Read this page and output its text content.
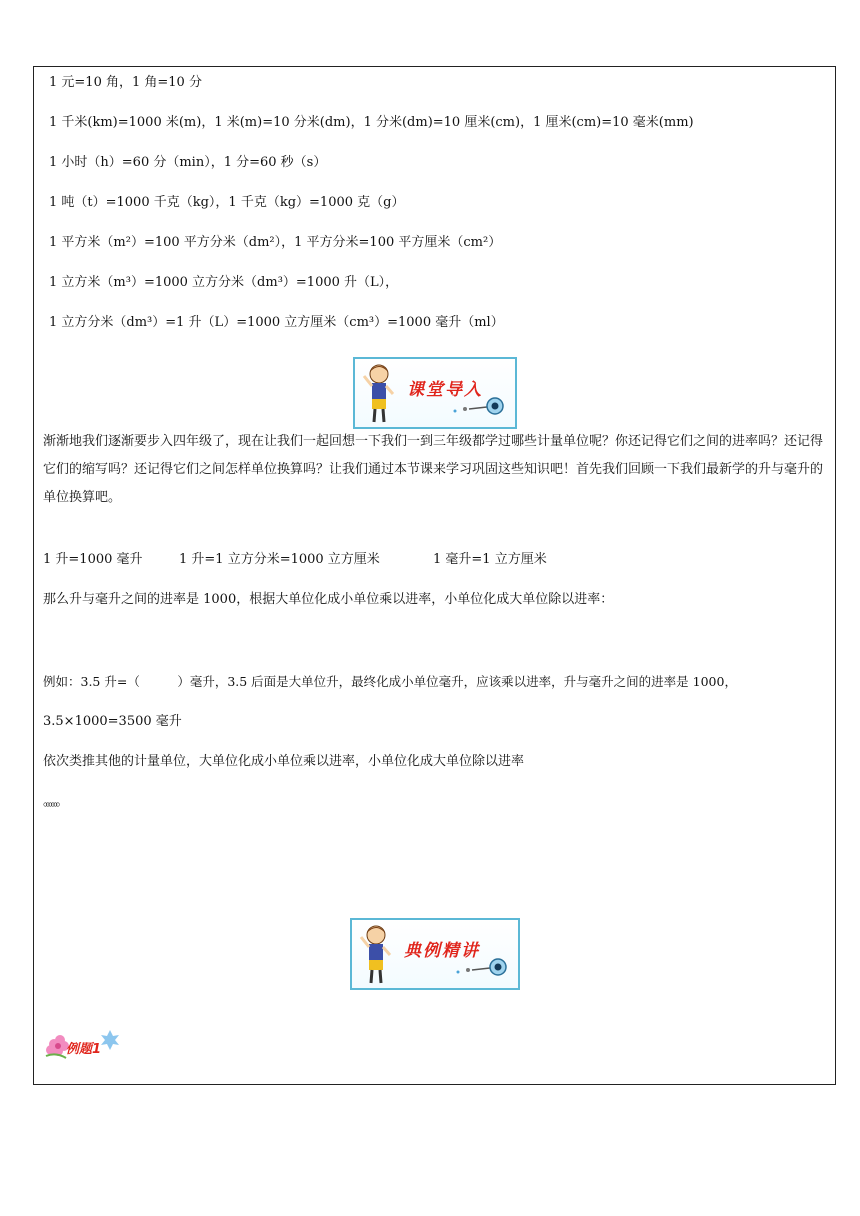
1 元=10 角，1 角=10 分
1 千米(km)=1000 米(m)，1 米(m)=10 分米(dm)，1 分米(dm)=10 厘米(cm)，1 厘米(cm)=10 毫米(mm)
1 小时（h）=60 分（min），1 分=60 秒（s）
1 吨（t）=1000 千克（kg），1 千克（kg）=1000 克（g）
1 平方米（m²）=100 平方分米（dm²），1 平方分米=100 平方厘米（cm²）
1 立方米（m³）=1000 立方分米（dm³）=1000 升（L），
1 立方分米（dm³）=1 升（L）=1000 立方厘米（cm³）=1000 毫升（ml）
课堂导入
渐渐地我们逐渐要步入四年级了，现在让我们一起回想一下我们一到三年级都学过哪些计量单位呢？你还记得它们之间的进率吗？还记得它们的缩写吗？还记得它们之间怎样单位换算吗？让我们通过本节课来学习巩固这些知识吧！首先我们回顾一下我们最新学的升与毫升的单位换算吧。
1 升=1000 毫升	1 升=1 立方分米=1000 立方厘米	1 毫升=1 立方厘米
那么升与毫升之间的进率是 1000，根据大单位化成小单位乘以进率，小单位化成大单位除以进率：
例如：3.5 升=（　　　）毫升，3.5 后面是大单位升，最终化成小单位毫升，应该乘以进率，升与毫升之间的进率是 1000，
3.5×1000=3500 毫升
依次类推其他的计量单位，大单位化成小单位乘以进率，小单位化成大单位除以进率
。。。。。。
典例精讲
例题1
